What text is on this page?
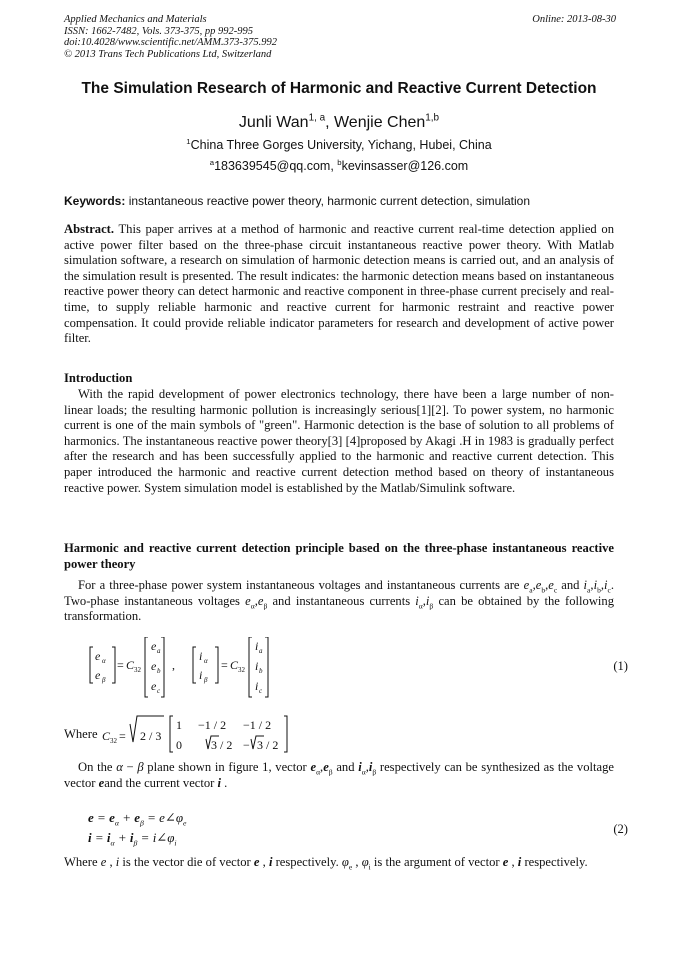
Applied Mechanics and Materials
ISSN: 1662-7482, Vols. 373-375, pp 992-995
doi:10.4028/www.scientific.net/AMM.373-375.992
© 2013 Trans Tech Publications Ltd, Switzerland
Online: 2013-08-30
The Simulation Research of Harmonic and Reactive Current Detection
Junli Wan$^{1, a}$, Wenjie Chen$^{1,b}$
$^1$China Three Gorges University, Yichang, Hubei, China
$^a$183639545@qq.com, $^b$kevinsasser@126.com
Keywords: instantaneous reactive power theory, harmonic current detection, simulation
Abstract. This paper arrives at a method of harmonic and reactive current real-time detection applied on active power filter based on the three-phase circuit instantaneous reactive power theory. With Matlab simulation software, a research on simulation of harmonic detection means is carried out, and an analysis of the simulation result is presented. The result indicates: the harmonic detection means based on instantaneous reactive power theory can detect harmonic and reactive component in three-phase current precisely and real-time, to supply reliable harmonic and reactive current for harmonic restraint and reactive power compensation. It could provide reliable indicator parameters for research and development of active power filter.
Introduction
With the rapid development of power electronics technology, there have been a large number of non-linear loads; the resulting harmonic pollution is increasingly serious[1][2]. To power system, no harmonic current is one of the main symbols of "green". Harmonic detection is the base of solution to all problems of harmonics. The instantaneous reactive power theory[3] [4]proposed by Akagi .H in 1983 is gradually perfect after the research and has been successfully applied to the harmonic and reactive current detection. This paper introduced the harmonic and reactive current detection method based on theory of instantaneous reactive power. System simulation model is established by the Matlab/Simulink software.
Harmonic and reactive current detection principle based on the three-phase instantaneous reactive power theory
For a three-phase power system instantaneous voltages and instantaneous currents are $e_a,e_b,e_c$ and $i_a,i_b,i_c$. Two-phase instantaneous voltages $e_\alpha,e_\beta$ and instantaneous currents $i_\alpha,i_\beta$ can be obtained by the following transformation.
e α
e β
= C 32
e a
e b
e c
,
i α
i β
= C 32
i a
i b
i c
(1)
Where C 32 = 2 / 3
1 −1 / 2 −1 / 2
0 3 / 2 − 3 / 2
On the α − β plane shown in figure 1, vector $e_\alpha,e_\beta$ and $i_\alpha,i_\beta$ respectively can be synthesized as the voltage vector eand the current vector i .
$e = e_\alpha + e_\beta$ = $e\angle\varphi_e$
$i = i_\alpha + i_\beta$ = $i\angle\varphi_i$
(2)
Where e , i is the vector die of vector e , i respectively. $\varphi_e$ , $\varphi_i$ is the argument of vector e , i respectively.
